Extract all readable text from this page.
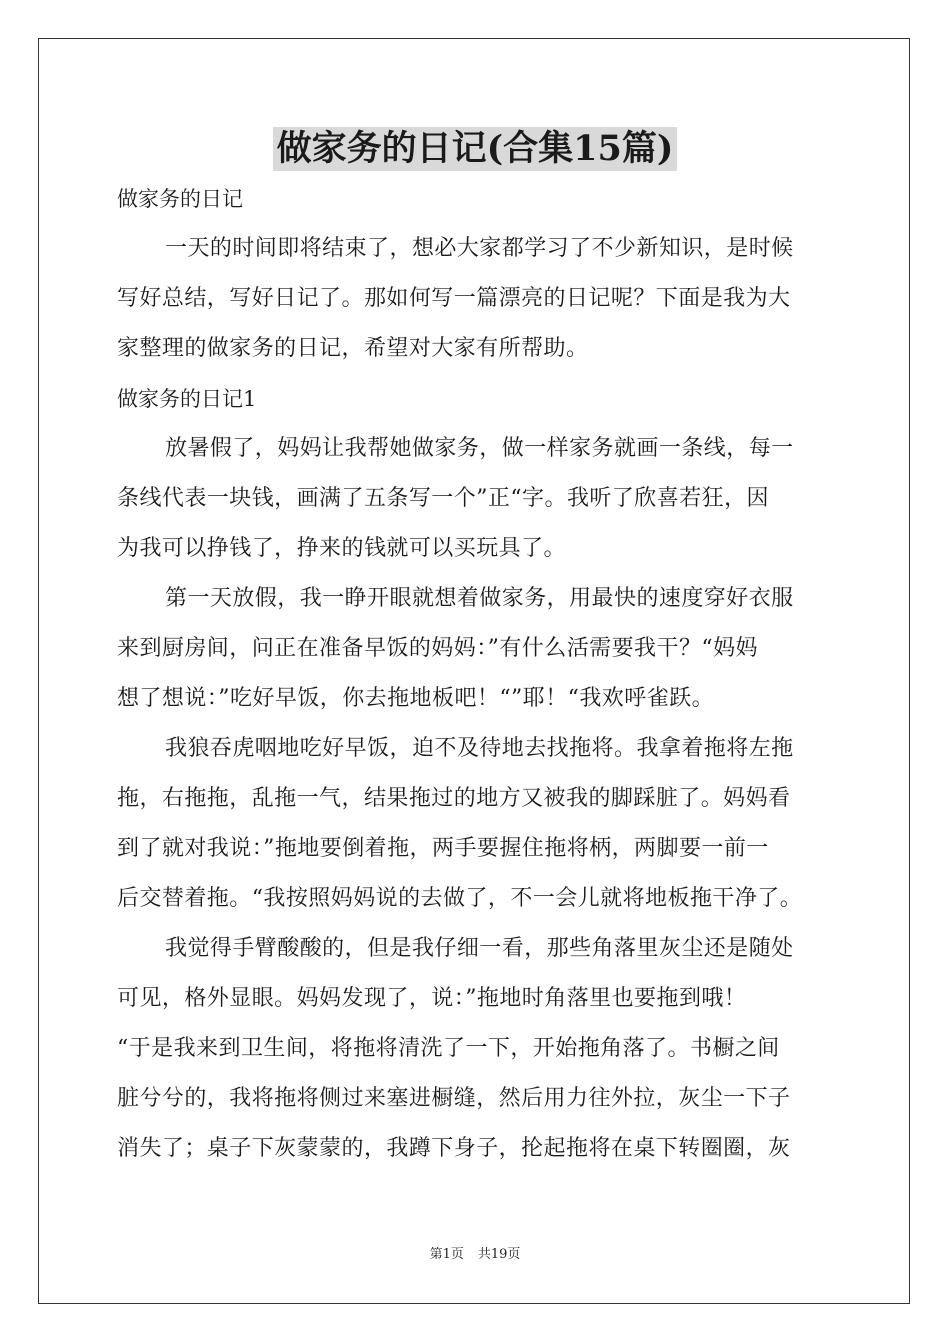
做家务的日记(合集15篇)

做家务的日记

一天的时间即将结束了，想必大家都学习了不少新知识，是时候

写好总结，写好日记了。那如何写一篇漂亮的日记呢？下面是我为大

家整理的做家务的日记，希望对大家有所帮助。

做家务的日记1

放暑假了，妈妈让我帮她做家务，做一样家务就画一条线，每一

条线代表一块钱，画满了五条写一个”正“字。我听了欣喜若狂，因

为我可以挣钱了，挣来的钱就可以买玩具了。

第一天放假，我一睁开眼就想着做家务，用最快的速度穿好衣服

来到厨房间，问正在准备早饭的妈妈：”有什么活需要我干？“妈妈

想了想说：”吃好早饭，你去拖地板吧！“”耶！“我欢呼雀跃。

我狼吞虎咽地吃好早饭，迫不及待地去找拖将。我拿着拖将左拖

拖，右拖拖，乱拖一气，结果拖过的地方又被我的脚踩脏了。妈妈看

到了就对我说：”拖地要倒着拖，两手要握住拖将柄，两脚要一前一

后交替着拖。“我按照妈妈说的去做了，不一会儿就将地板拖干净了。

我觉得手臂酸酸的，但是我仔细一看，那些角落里灰尘还是随处

可见，格外显眼。妈妈发现了，说：”拖地时角落里也要拖到哦！

“于是我来到卫生间，将拖将清洗了一下，开始拖角落了。书橱之间

脏兮兮的，我将拖将侧过来塞进橱缝，然后用力往外拉，灰尘一下子

消失了；桌子下灰蒙蒙的，我蹲下身子，抡起拖将在桌下转圈圈，灰

第1页 共19页
